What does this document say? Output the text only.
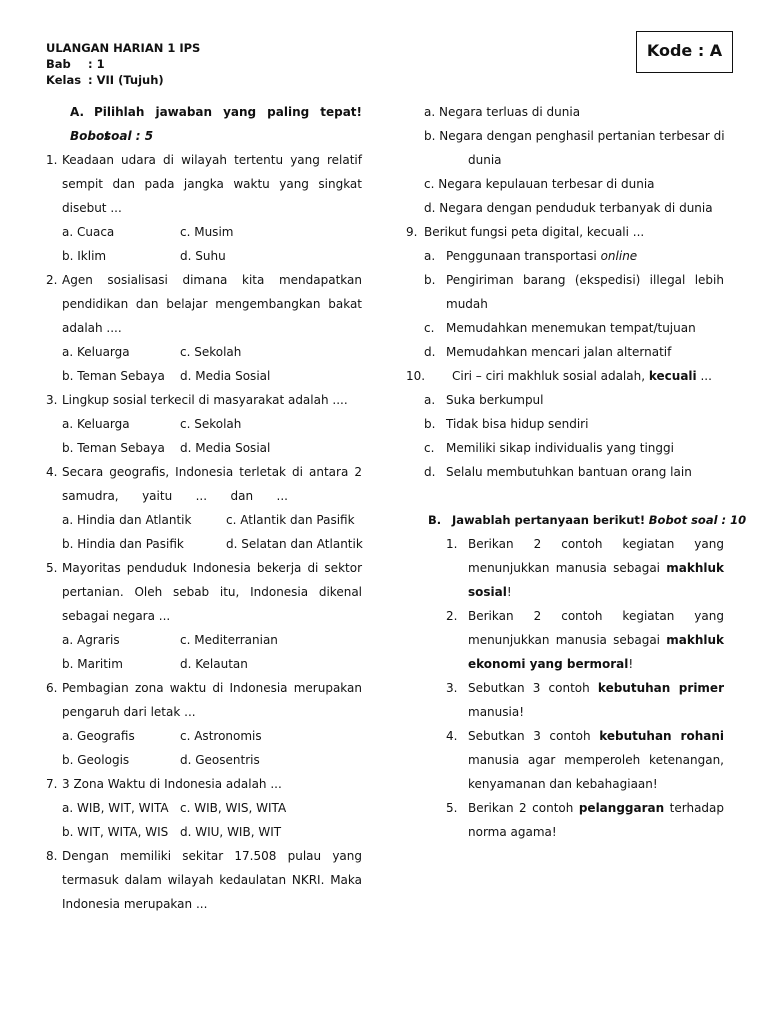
ULANGAN HARIAN 1 IPS
Bab : 1
Kelas : VII (Tujuh)
Kode : A
A. Pilihlah jawaban yang paling tepat! Bobot
soal : 5
1. Keadaan udara di wilayah tertentu yang relatif
sempit dan pada jangka waktu yang singkat
disebut ...
a. Cuaca	c. Musim
b. Iklim	d. Suhu
2. Agen sosialisasi dimana kita mendapatkan
pendidikan dan belajar mengembangkan bakat
adalah ....
a. Keluarga	c. Sekolah
b. Teman Sebaya d. Media Sosial
3. Lingkup sosial terkecil di masyarakat adalah ....
a. Keluarga	c. Sekolah
b. Teman Sebaya d. Media Sosial
4. Secara geografis, Indonesia terletak di antara 2
samudra, yaitu ... dan ...
a. Hindia dan Atlantik	c. Atlantik dan Pasifik
b. Hindia dan Pasifik	d. Selatan dan Atlantik
5. Mayoritas penduduk Indonesia bekerja di sektor
pertanian. Oleh sebab itu, Indonesia dikenal
sebagai negara ...
a. Agraris	c. Mediterranian
b. Maritim	d. Kelautan
6. Pembagian zona waktu di Indonesia merupakan
pengaruh dari letak ...
a. Geografis	c. Astronomis
b. Geologis	d. Geosentris
7. 3 Zona Waktu di Indonesia adalah ...
a. WIB, WIT, WITA c. WIB, WIS, WITA
b. WIT, WITA, WIS d. WIU, WIB, WIT
8. Dengan memiliki sekitar 17.508 pulau yang
termasuk dalam wilayah kedaulatan NKRI. Maka
Indonesia merupakan ...
a. Negara terluas di dunia
b. Negara dengan penghasil pertanian terbesar di
dunia
c. Negara kepulauan terbesar di dunia
d. Negara dengan penduduk terbanyak di dunia
9. Berikut fungsi peta digital, kecuali ...
a. Penggunaan transportasi online
b. Pengiriman barang (ekspedisi) illegal lebih
mudah
c. Memudahkan menemukan tempat/tujuan
d. Memudahkan mencari jalan alternatif
10. Ciri – ciri makhluk sosial adalah, kecuali ...
a. Suka berkumpul
b. Tidak bisa hidup sendiri
c. Memiliki sikap individualis yang tinggi
d. Selalu membutuhkan bantuan orang lain
B. Jawablah pertanyaan berikut! Bobot soal : 10
1. Berikan 2 contoh kegiatan yang
menunjukkan manusia sebagai makhluk
sosial!
2. Berikan 2 contoh kegiatan yang
menunjukkan manusia sebagai makhluk
ekonomi yang bermoral!
3. Sebutkan 3 contoh kebutuhan primer
manusia!
4. Sebutkan 3 contoh kebutuhan rohani
manusia agar memperoleh ketenangan,
kenyamanan dan kebahagiaan!
5. Berikan 2 contoh pelanggaran terhadap
norma agama!
